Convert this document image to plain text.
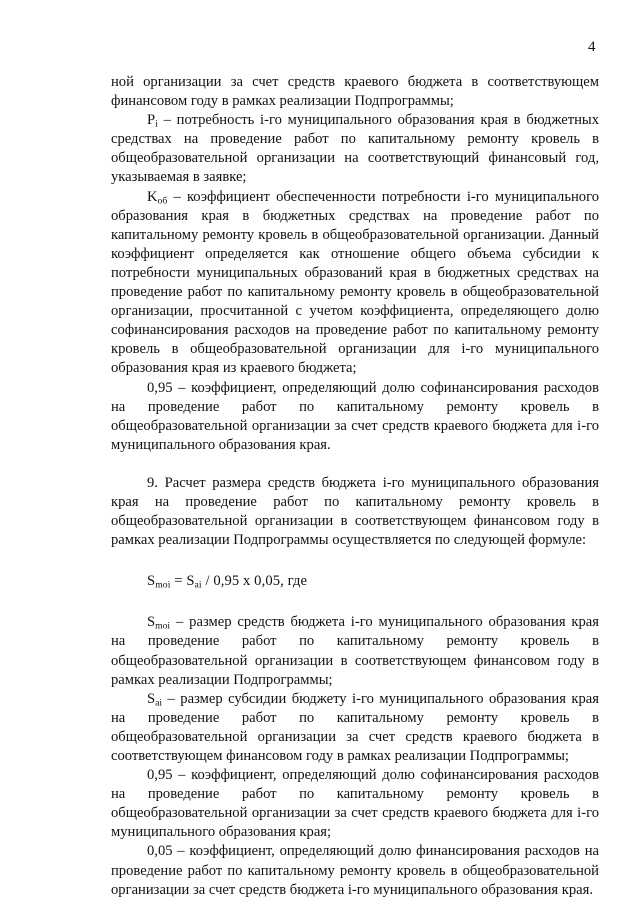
4

ной организации за счет средств краевого бюджета в соответствующем финансовом году в рамках реализации Подпрограммы;

$P_i$ – потребность i-го муниципального образования края в бюджетных средствах на проведение работ по капитальному ремонту кровель в общеобразовательной организации на соответствующий финансовый год, указываемая в заявке;

$K_{об}$ – коэффициент обеспеченности потребности i-го муниципального образования края в бюджетных средствах на проведение работ по капитальному ремонту кровель в общеобразовательной организации. Данный коэффициент определяется как отношение общего объема субсидии к потребности муниципальных образований края в бюджетных средствах на проведение работ по капитальному ремонту кровель в общеобразовательной организации, просчитанной с учетом коэффициента, определяющего долю софинансирования расходов на проведение работ по капитальному ремонту кровель в общеобразовательной организации для i-го муниципального образования края из краевого бюджета;

0,95 – коэффициент, определяющий долю софинансирования расходов на проведение работ по капитальному ремонту кровель в общеобразовательной организации за счет средств краевого бюджета для i-го муниципального образования края.

9. Расчет размера средств бюджета i-го муниципального образования края на проведение работ по капитальному ремонту кровель в общеобразовательной организации в соответствующем финансовом году в рамках реализации Подпрограммы осуществляется по следующей формуле:

$S_{moi} = S_{ai} / 0,95$ х 0,05, где

$S_{moi}$ – размер средств бюджета i-го муниципального образования края на проведение работ по капитальному ремонту кровель в общеобразовательной организации в соответствующем финансовом году в рамках реализации Подпрограммы;

$S_{ai}$ – размер субсидии бюджету i-го муниципального образования края на проведение работ по капитальному ремонту кровель в общеобразовательной организации за счет средств краевого бюджета в соответствующем финансовом году в рамках реализации Подпрограммы;

0,95 – коэффициент, определяющий долю софинансирования расходов на проведение работ по капитальному ремонту кровель в общеобразовательной организации за счет средств краевого бюджета для i-го муниципального образования края;

0,05 – коэффициент, определяющий долю финансирования расходов на проведение работ по капитальному ремонту кровель в общеобразовательной организации за счет средств бюджета i-го муниципального образования края.
